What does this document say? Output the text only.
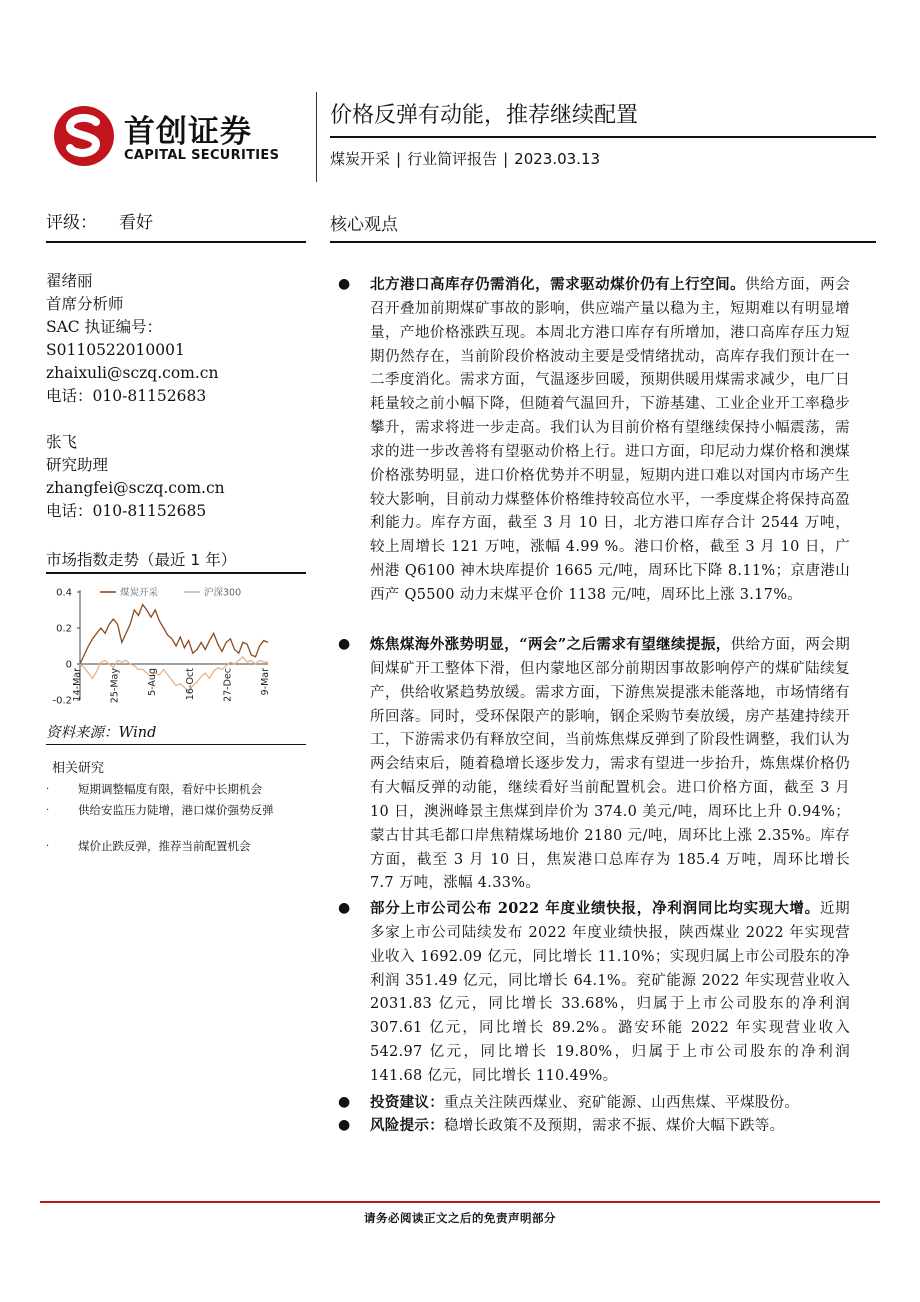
首创证券
CAPITAL SECURITIES
价格反弹有动能，推荐继续配置
煤炭开采 | 行业简评报告 | 2023.03.13
评级： 看好
翟绪丽
首席分析师
SAC 执证编号：
S0110522010001
zhaixuli@sczq.com.cn
电话：010-81152683
张飞
研究助理
zhangfei@sczq.com.cn
电话：010-81152685
市场指数走势（最近 1 年）
0.4
0.2
0
-0.2 14-Mar	25-May	5-Aug	16-Oct	27-Dec	9-Mar
煤炭开采	沪深300
资料来源：Wind
相关研究
·	短期调整幅度有限，看好中长期机会
·	供给安监压力陡增，港口煤价强势反弹
·	煤价止跌反弹，推荐当前配置机会
核心观点
●	北方港口高库存仍需消化，需求驱动煤价仍有上行空间。供给方面，两会召开叠加前期煤矿事故的影响，供应端产量以稳为主，短期难以有明显增量，产地价格涨跌互现。本周北方港口库存有所增加，港口高库存压力短期仍然存在，当前阶段价格波动主要是受情绪扰动，高库存我们预计在一二季度消化。需求方面，气温逐步回暖，预期供暖用煤需求减少，电厂日耗量较之前小幅下降，但随着气温回升，下游基建、工业企业开工率稳步攀升，需求将进一步走高。我们认为目前价格有望继续保持小幅震荡，需求的进一步改善将有望驱动价格上行。进口方面，印尼动力煤价格和澳煤价格涨势明显，进口价格优势并不明显，短期内进口难以对国内市场产生较大影响，目前动力煤整体价格维持较高位水平，一季度煤企将保持高盈利能力。库存方面，截至 3 月 10 日，北方港口库存合计 2544 万吨，较上周增长 121 万吨，涨幅 4.99 %。港口价格，截至 3 月 10 日，广州港 Q6100 神木块库提价 1665 元/吨，周环比下降 8.11%；京唐港山西产 Q5500 动力末煤平仓价 1138 元/吨，周环比上涨 3.17%。
●	炼焦煤海外涨势明显，“两会”之后需求有望继续提振，供给方面，两会期间煤矿开工整体下滑，但内蒙地区部分前期因事故影响停产的煤矿陆续复产，供给收紧趋势放缓。需求方面，下游焦炭提涨未能落地，市场情绪有所回落。同时，受环保限产的影响，钢企采购节奏放缓，房产基建持续开工，下游需求仍有释放空间，当前炼焦煤反弹到了阶段性调整，我们认为两会结束后，随着稳增长逐步发力，需求有望进一步抬升，炼焦煤价格仍有大幅反弹的动能，继续看好当前配置机会。进口价格方面，截至 3 月 10 日，澳洲峰景主焦煤到岸价为 374.0 美元/吨，周环比上升 0.94%；蒙古甘其毛都口岸焦精煤场地价 2180 元/吨，周环比上涨 2.35%。库存方面，截至 3 月 10 日，焦炭港口总库存为 185.4 万吨，周环比增长 7.7 万吨，涨幅 4.33%。
●	部分上市公司公布 2022 年度业绩快报，净利润同比均实现大增。近期多家上市公司陆续发布 2022 年度业绩快报，陕西煤业 2022 年实现营业收入 1692.09 亿元，同比增长 11.10%；实现归属上市公司股东的净利润 351.49 亿元，同比增长 64.1%。兖矿能源 2022 年实现营业收入 2031.83 亿元，同比增长 33.68%，归属于上市公司股东的净利润 307.61 亿元，同比增长 89.2%。潞安环能 2022 年实现营业收入 542.97 亿元，同比增长 19.80%，归属于上市公司股东的净利润 141.68 亿元，同比增长 110.49%。
●	投资建议：重点关注陕西煤业、兖矿能源、山西焦煤、平煤股份。
●	风险提示：稳增长政策不及预期，需求不振、煤价大幅下跌等。
请务必阅读正文之后的免责声明部分
